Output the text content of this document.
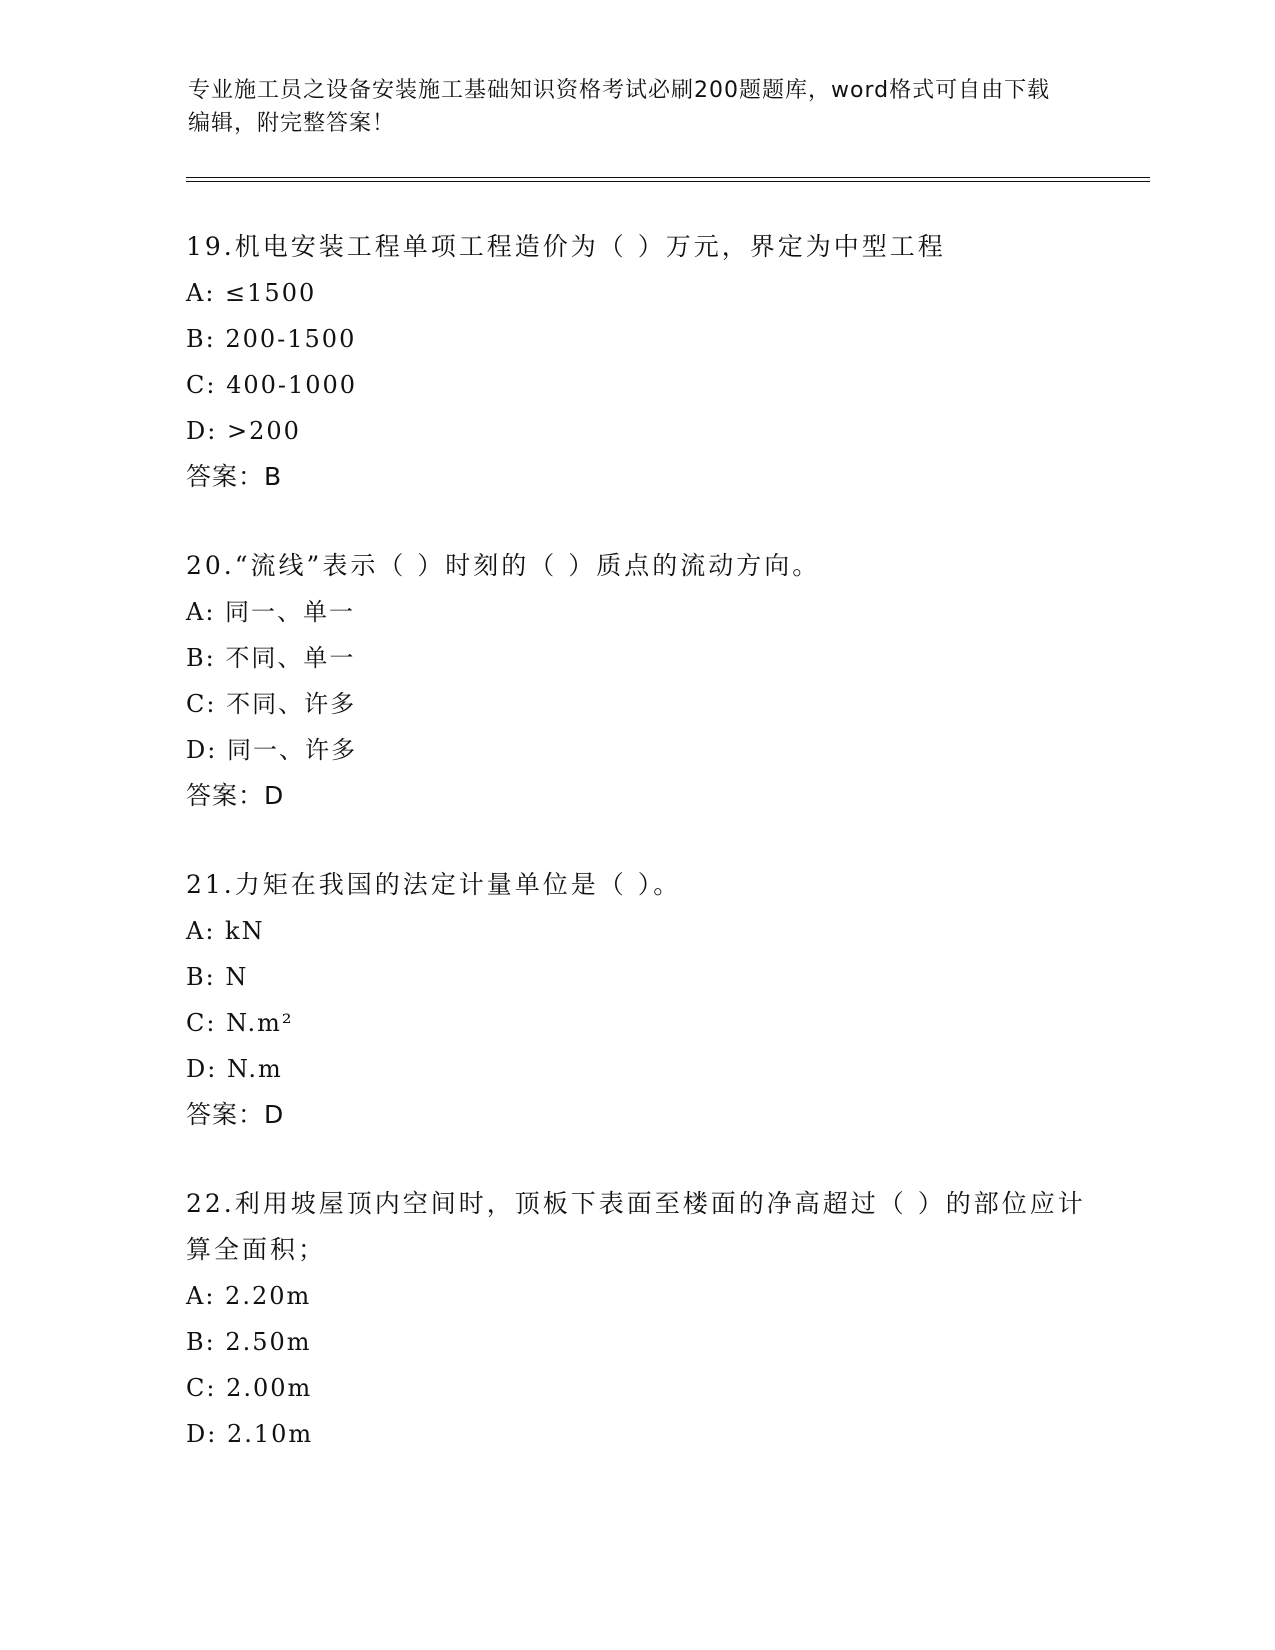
专业施工员之设备安装施工基础知识资格考试必刷200题题库，word格式可自由下载编辑，附完整答案！

19.机电安装工程单项工程造价为（ ）万元，界定为中型工程

A: ≤1500

B: 200-1500

C: 400-1000

D: >200

答案：B

20.“流线”表示（ ）时刻的（ ）质点的流动方向。

A: 同一、单一

B: 不同、单一

C: 不同、许多

D: 同一、许多

答案：D

21.力矩在我国的法定计量单位是（ ）。

A: kN

B: N

C: N.m²

D: N.m

答案：D

22.利用坡屋顶内空间时，顶板下表面至楼面的净高超过（ ）的部位应计算全面积；

A: 2.20m

B: 2.50m

C: 2.00m

D: 2.10m
